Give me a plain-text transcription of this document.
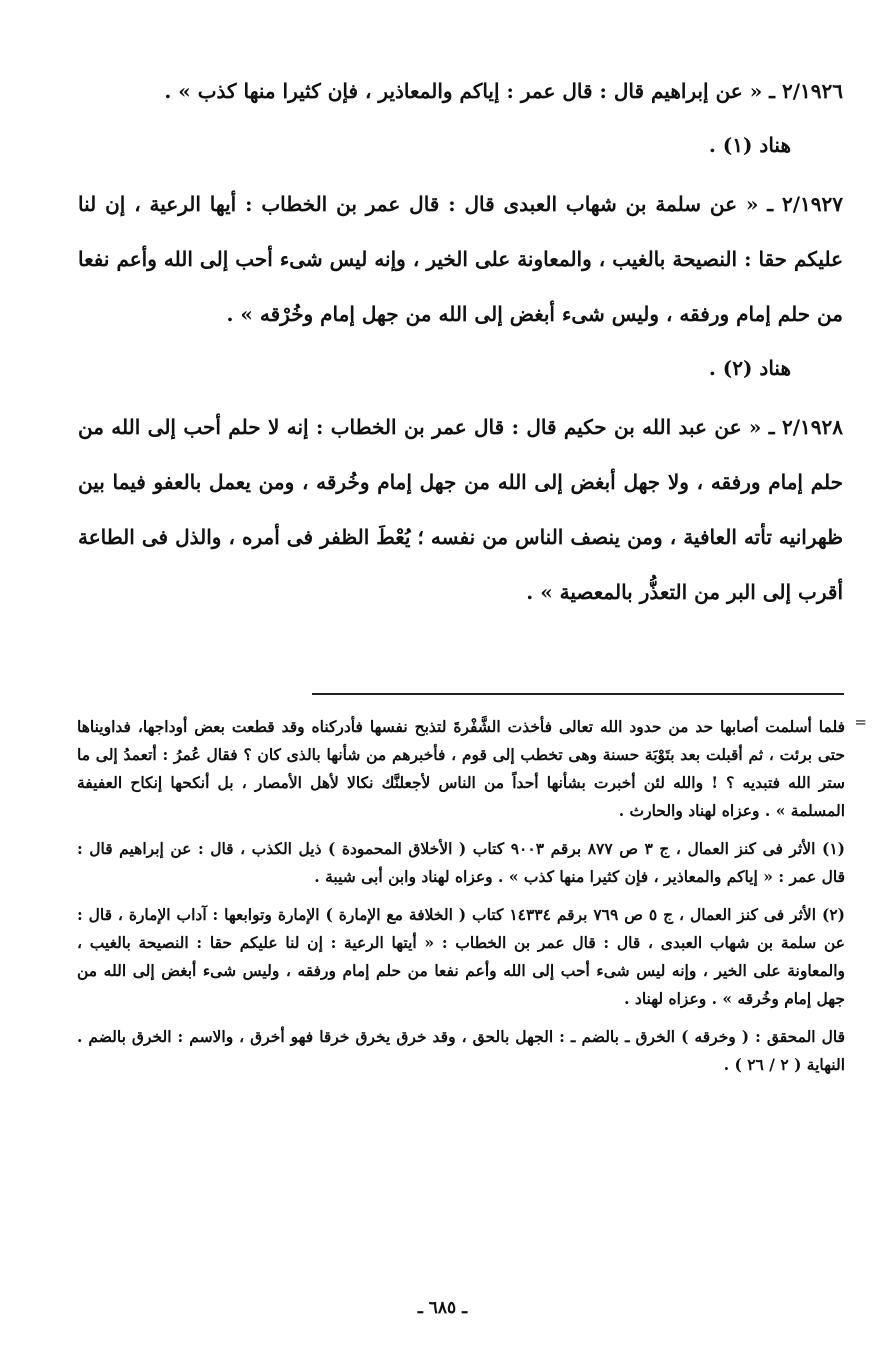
٢/١٩٢٦ ـ « عن إبراهيم قال : قال عمر : إياكم والمعاذير ، فإن كثيرا منها كذب » .

هناد (١) .

٢/١٩٢٧ ـ « عن سلمة بن شهاب العبدى قال : قال عمر بن الخطاب : أيها الرعية ، إن لنا عليكم حقا : النصيحة بالغيب ، والمعاونة على الخير ، وإنه ليس شىء أحب إلى الله وأعم نفعا من حلم إمام ورفقه ، وليس شىء أبغض إلى الله من جهل إمام وخُرْقه » .

هناد (٢) .

٢/١٩٢٨ ـ « عن عبد الله بن حكيم قال : قال عمر بن الخطاب : إنه لا حلم أحب إلى الله من حلم إمام ورفقه ، ولا جهل أبغض إلى الله من جهل إمام وخُرقه ، ومن يعمل بالعفو فيما بين ظهرانيه تأته العافية ، ومن ينصف الناس من نفسه ؛ يُعْطَ الظفر فى أمره ، والذل فى الطاعة أقرب إلى البر من التعذُّر بالمعصية » .

=

فلما أسلمت أصابها حد من حدود الله تعالى فأخذت الشَّفْرةَ لتذبح نفسها فأدركناه وقد قطعت بعض أوداجها، فداويناها حتى برئت ، ثم أقبلت بعد بتَوْبَة حسنة وهى تخطب إلى قوم ، فأخبرهم من شأنها بالذى كان ؟ فقال عُمرُ : أتعمدُ إلى ما ستر الله فتبديه ؟ ! والله لئن أخبرت بشأنها أحداً من الناس لأجعلنَّك نكالا لأهل الأمصار ، بل أنكحها إنكاح العفيفة المسلمة » . وعزاه لهناد والحارث .

(١) الأثر فى كنز العمال ، ج ٣ ص ٨٧٧ برقم ٩٠٠٣ كتاب ( الأخلاق المحمودة ) ذيل الكذب ، قال : عن إبراهيم قال : قال عمر : « إياكم والمعاذير ، فإن كثيرا منها كذب » . وعزاه لهناد وابن أبى شيبة .

(٢) الأثر فى كنز العمال ، ج ٥ ص ٧٦٩ برقم ١٤٣٣٤ كتاب ( الخلافة مع الإمارة ) الإمارة وتوابعها : آداب الإمارة ، قال : عن سلمة بن شهاب العبدى ، قال : قال عمر بن الخطاب : « أيتها الرعية : إن لنا عليكم حقا : النصيحة بالغيب ، والمعاونة على الخير ، وإنه ليس شىء أحب إلى الله وأعم نفعا من حلم إمام ورفقه ، وليس شىء أبغض إلى الله من جهل إمام وخُرقه » . وعزاه لهناد .

قال المحقق : ( وخرقه ) الخرق ـ بالضم ـ : الجهل بالحق ، وقد خرق يخرق خرقا فهو أخرق ، والاسم : الخرق بالضم . النهاية ( ٢ / ٢٦ ) .

ـ ٦٨٥ ـ
